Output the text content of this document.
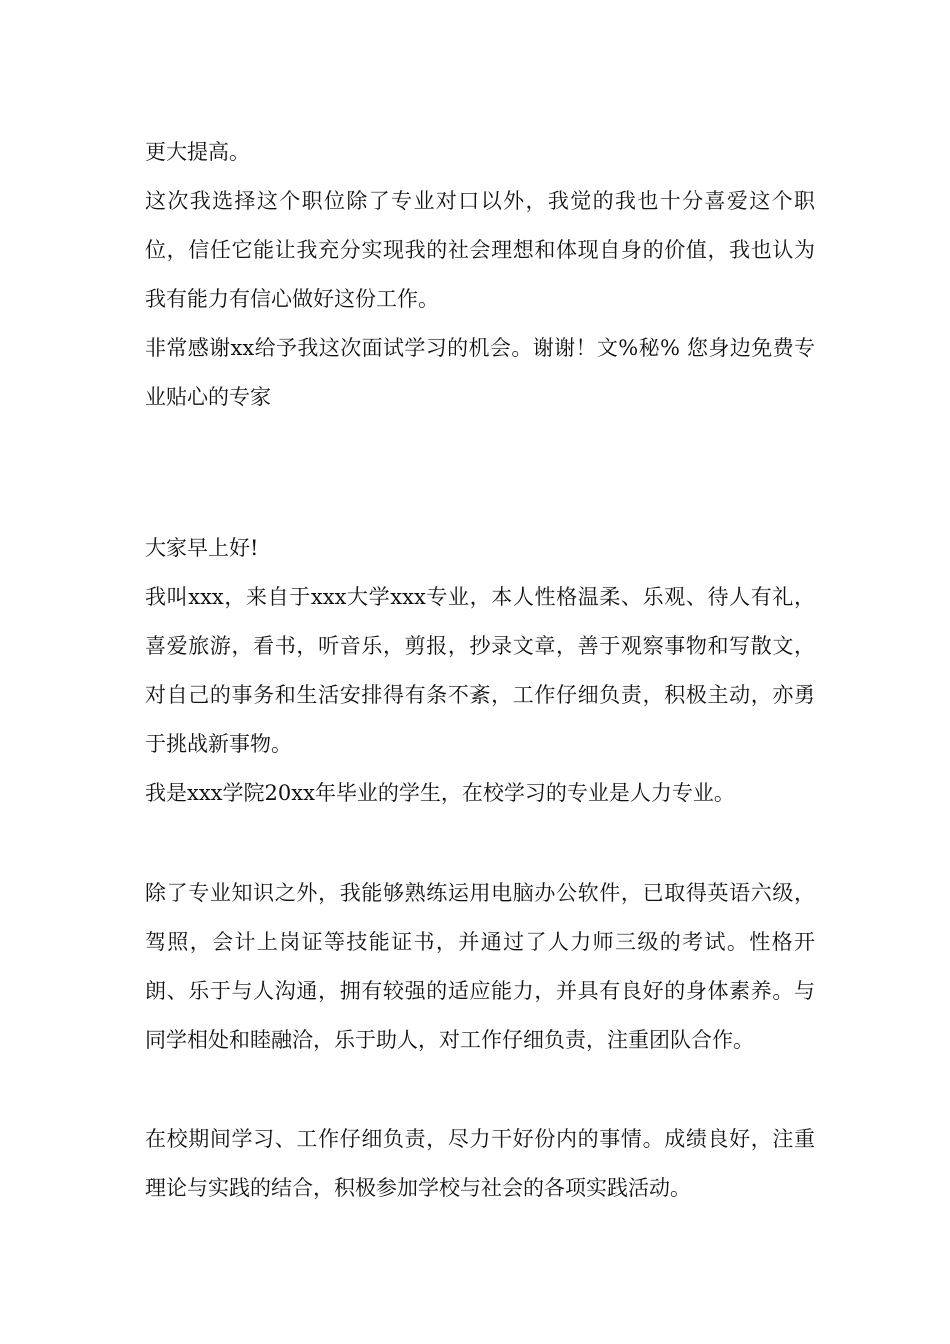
更大提高。

这次我选择这个职位除了专业对口以外，我觉的我也十分喜爱这个职位，信任它能让我充分实现我的社会理想和体现自身的价值，我也认为我有能力有信心做好这份工作。

非常感谢xx给予我这次面试学习的机会。谢谢！文%秘% 您身边免费专业贴心的专家

大家早上好!

我叫xxx，来自于xxx大学xxx专业，本人性格温柔、乐观、待人有礼，喜爱旅游，看书，听音乐，剪报，抄录文章，善于观察事物和写散文，对自己的事务和生活安排得有条不紊，工作仔细负责，积极主动，亦勇于挑战新事物。

我是xxx学院20xx年毕业的学生，在校学习的专业是人力专业。

除了专业知识之外，我能够熟练运用电脑办公软件，已取得英语六级，驾照，会计上岗证等技能证书，并通过了人力师三级的考试。性格开朗、乐于与人沟通，拥有较强的适应能力，并具有良好的身体素养。与同学相处和睦融洽，乐于助人，对工作仔细负责，注重团队合作。

在校期间学习、工作仔细负责，尽力干好份内的事情。成绩良好，注重理论与实践的结合，积极参加学校与社会的各项实践活动。
